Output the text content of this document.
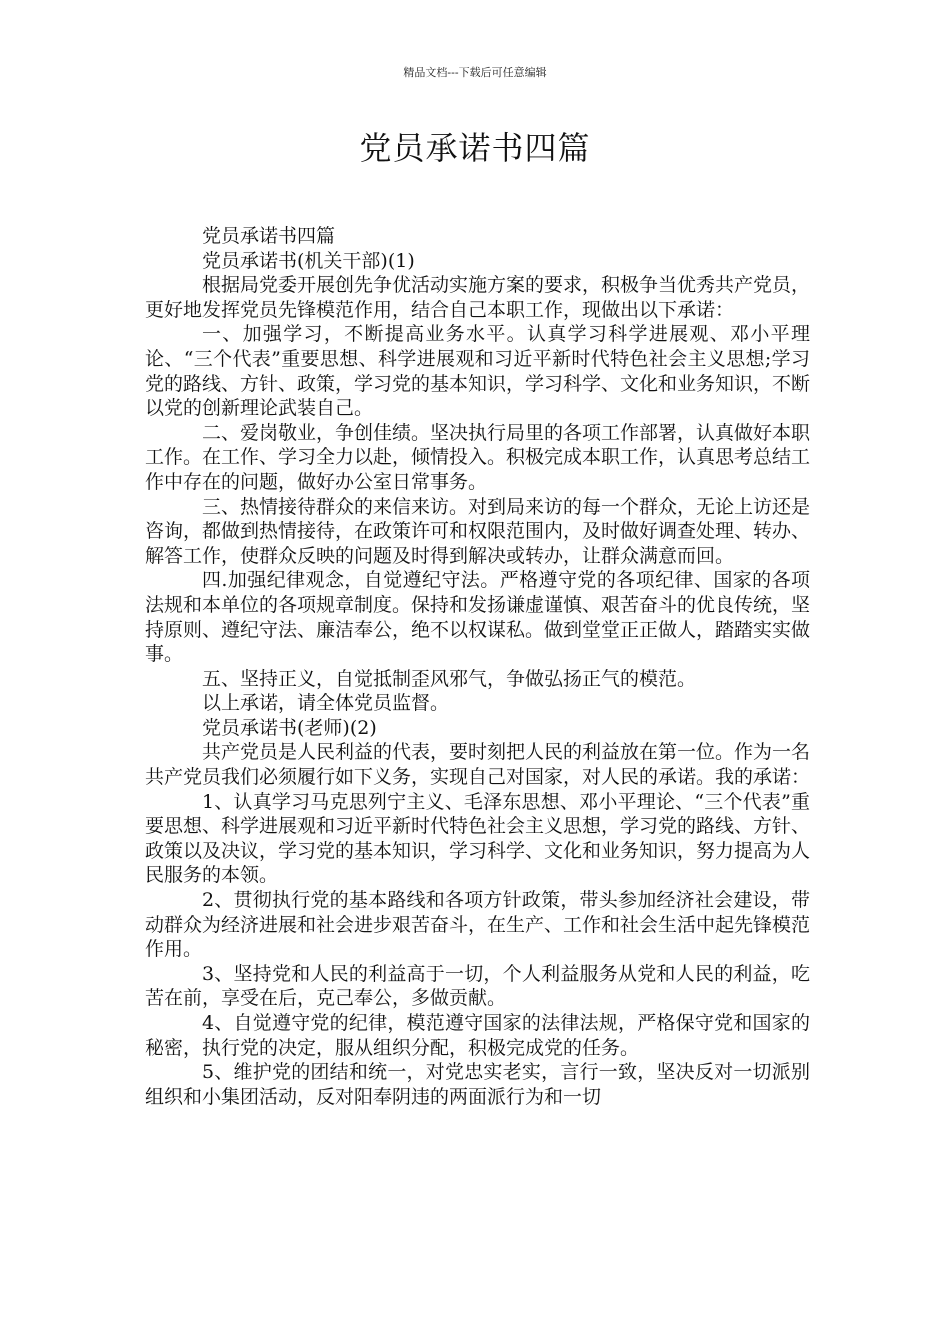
精品文档---下载后可任意编辑
党员承诺书四篇

党员承诺书四篇

党员承诺书(机关干部)(1)

根据局党委开展创先争优活动实施方案的要求，积极争当优秀共产党员，更好地发挥党员先锋模范作用，结合自己本职工作，现做出以下承诺：

一、加强学习，不断提高业务水平。认真学习科学进展观、邓小平理论、“三个代表”重要思想、科学进展观和习近平新时代特色社会主义思想;学习党的路线、方针、政策，学习党的基本知识，学习科学、文化和业务知识，不断以党的创新理论武装自己。

二、爱岗敬业，争创佳绩。坚决执行局里的各项工作部署，认真做好本职工作。在工作、学习全力以赴，倾情投入。积极完成本职工作，认真思考总结工作中存在的问题，做好办公室日常事务。

三、热情接待群众的来信来访。对到局来访的每一个群众，无论上访还是咨询，都做到热情接待，在政策许可和权限范围内，及时做好调查处理、转办、解答工作，使群众反映的问题及时得到解决或转办，让群众满意而回。

四.加强纪律观念，自觉遵纪守法。严格遵守党的各项纪律、国家的各项法规和本单位的各项规章制度。保持和发扬谦虚谨慎、艰苦奋斗的优良传统，坚持原则、遵纪守法、廉洁奉公，绝不以权谋私。做到堂堂正正做人，踏踏实实做事。

五、坚持正义，自觉抵制歪风邪气，争做弘扬正气的模范。

以上承诺，请全体党员监督。

党员承诺书(老师)(2)

共产党员是人民利益的代表，要时刻把人民的利益放在第一位。作为一名共产党员我们必须履行如下义务，实现自己对国家，对人民的承诺。我的承诺：

1、认真学习马克思列宁主义、毛泽东思想、邓小平理论、“三个代表”重要思想、科学进展观和习近平新时代特色社会主义思想，学习党的路线、方针、政策以及决议，学习党的基本知识，学习科学、文化和业务知识，努力提高为人民服务的本领。

2、贯彻执行党的基本路线和各项方针政策，带头参加经济社会建设，带动群众为经济进展和社会进步艰苦奋斗，在生产、工作和社会生活中起先锋模范作用。

3、坚持党和人民的利益高于一切，个人利益服务从党和人民的利益，吃苦在前，享受在后，克己奉公，多做贡献。

4、自觉遵守党的纪律，模范遵守国家的法律法规，严格保守党和国家的秘密，执行党的决定，服从组织分配，积极完成党的任务。

5、维护党的团结和统一，对党忠实老实，言行一致，坚决反对一切派别组织和小集团活动，反对阳奉阴违的两面派行为和一切
